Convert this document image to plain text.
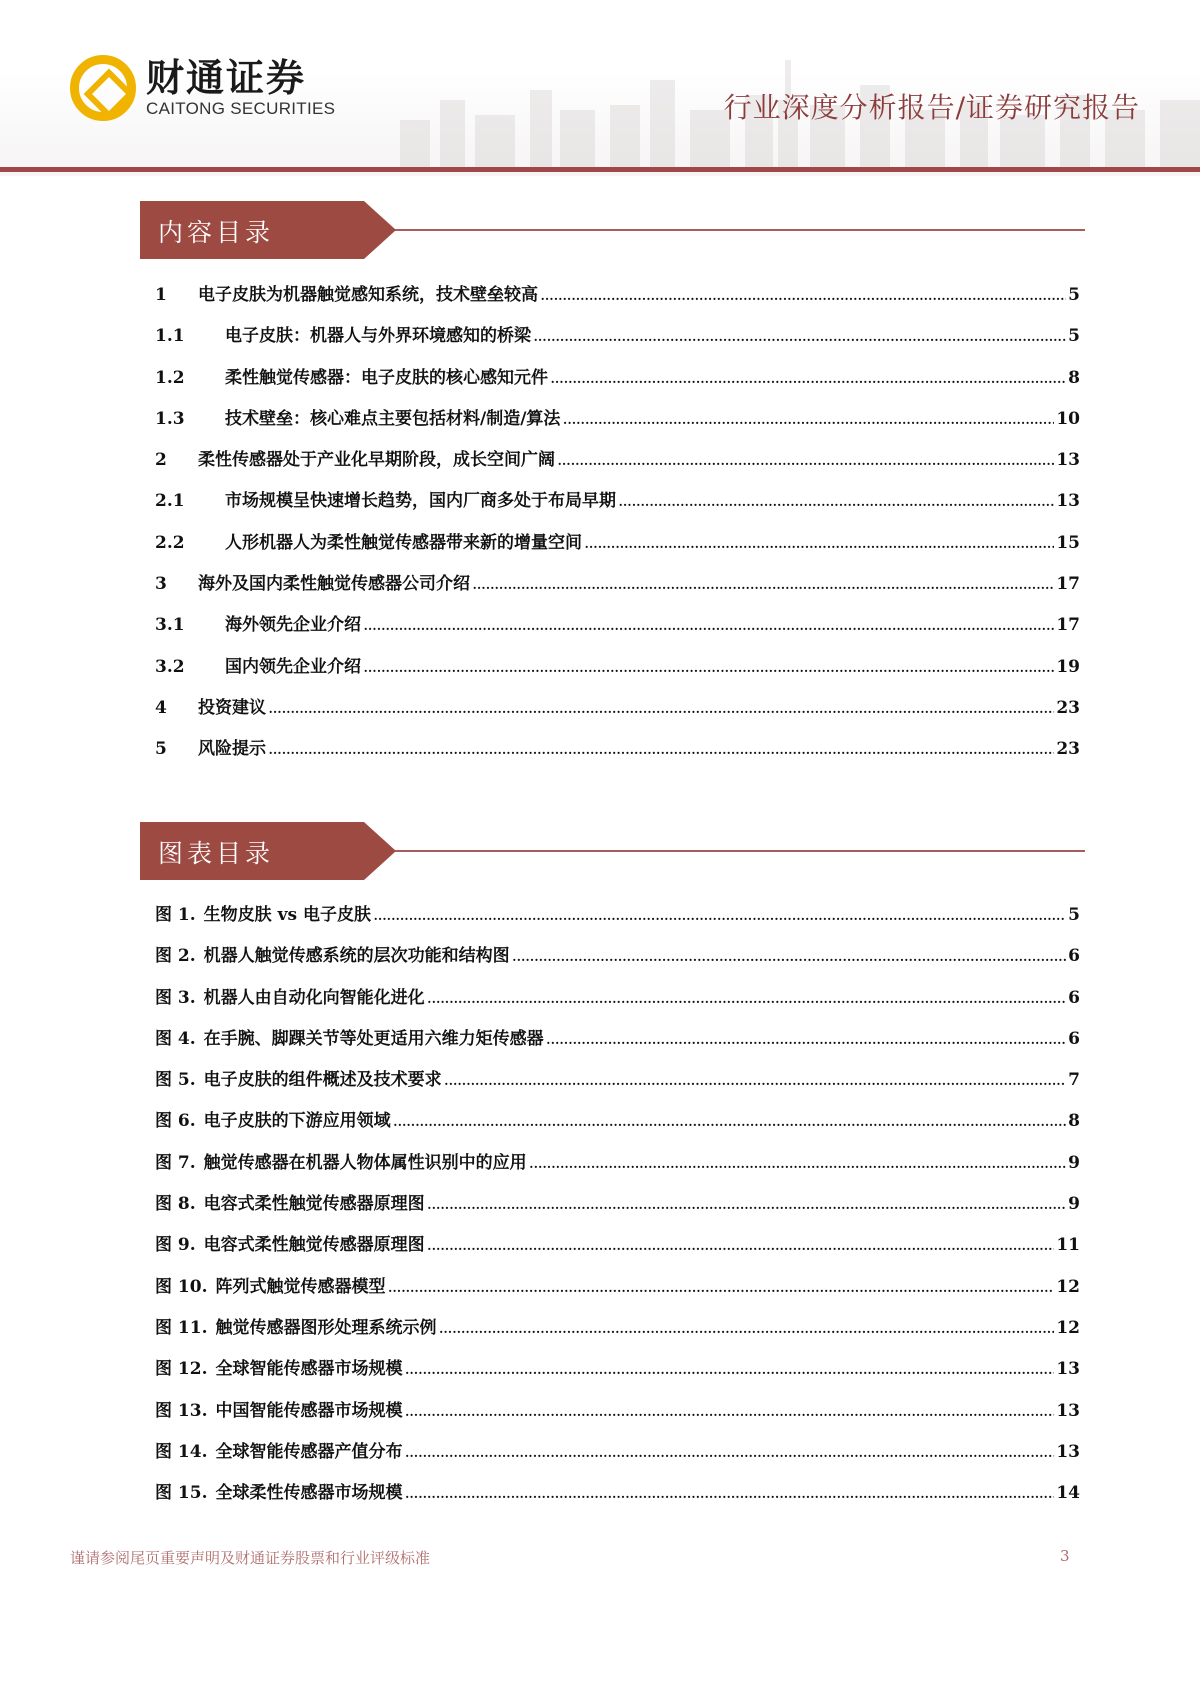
财通证券
CAITONG SECURITIES	行业深度分析报告/证券研究报告
内容目录
1	电子皮肤为机器触觉感知系统，技术壁垒较高 .....	5
1.1	电子皮肤：机器人与外界环境感知的桥梁 .....	5
1.2	柔性触觉传感器：电子皮肤的核心感知元件 .....	8
1.3	技术壁垒：核心难点主要包括材料/制造/算法 .....	10
2	柔性传感器处于产业化早期阶段，成长空间广阔 .....	13
2.1	市场规模呈快速增长趋势，国内厂商多处于布局早期 .....	13
2.2	人形机器人为柔性触觉传感器带来新的增量空间 .....	15
3	海外及国内柔性触觉传感器公司介绍 .....	17
3.1	海外领先企业介绍 .....	17
3.2	国内领先企业介绍 .....	19
4	投资建议 .....	23
5	风险提示 .....	23
图表目录
图 1. 生物皮肤 vs 电子皮肤 .....	5
图 2. 机器人触觉传感系统的层次功能和结构图 .....	6
图 3. 机器人由自动化向智能化进化 .....	6
图 4. 在手腕、脚踝关节等处更适用六维力矩传感器 .....	6
图 5. 电子皮肤的组件概述及技术要求 .....	7
图 6. 电子皮肤的下游应用领域 .....	8
图 7. 触觉传感器在机器人物体属性识别中的应用 .....	9
图 8. 电容式柔性触觉传感器原理图 .....	9
图 9. 电容式柔性触觉传感器原理图 .....	11
图 10. 阵列式触觉传感器模型 .....	12
图 11. 触觉传感器图形处理系统示例 .....	12
图 12. 全球智能传感器市场规模 .....	13
图 13. 中国智能传感器市场规模 .....	13
图 14. 全球智能传感器产值分布 .....	13
图 15. 全球柔性传感器市场规模 .....	14
谨请参阅尾页重要声明及财通证券股票和行业评级标准	3
